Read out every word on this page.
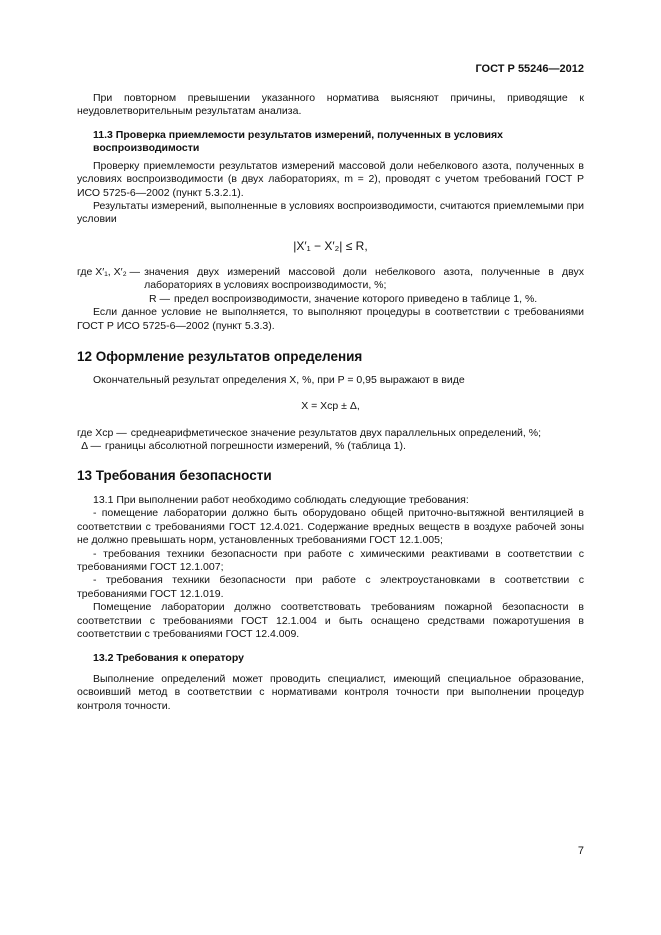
ГОСТ Р 55246—2012

При повторном превышении указанного норматива выясняют причины, приводящие к неудовлетворительным результатам анализа.

11.3 Проверка приемлемости результатов измерений, полученных в условиях

воспроизводимости

Проверку приемлемости результатов измерений массовой доли небелкового азота, полученных в условиях воспроизводимости (в двух лабораториях, m = 2), проводят с учетом требований ГОСТ Р ИСО 5725-6—2002 (пункт 5.3.2.1).

Результаты измерений, выполненные в условиях воспроизводимости, считаются приемлемыми при условии

|X′₁ − X′₂| ≤ R,
где X′₁, X′₂ — значения двух измерений массовой доли небелкового азота, полученные в двух лабораториях в условиях воспроизводимости, %;
R — предел воспроизводимости, значение которого приведено в таблице 1, %.

Если данное условие не выполняется, то выполняют процедуры в соответствии с требованиями ГОСТ Р ИСО 5725-6—2002 (пункт 5.3.3).

12 Оформление результатов определения

Окончательный результат определения X, %, при P = 0,95 выражают в виде

X = Xср ± Δ,
где Xср — среднеарифметическое значение результатов двух параллельных определений, %;
Δ — границы абсолютной погрешности измерений, % (таблица 1).
13 Требования безопасности

13.1 При выполнении работ необходимо соблюдать следующие требования:

- помещение лаборатории должно быть оборудовано общей приточно-вытяжной вентиляцией в соответствии с требованиями ГОСТ 12.4.021. Содержание вредных веществ в воздухе рабочей зоны не должно превышать норм, установленных требованиями ГОСТ 12.1.005;

- требования техники безопасности при работе с химическими реактивами в соответствии с требованиями ГОСТ 12.1.007;

- требования техники безопасности при работе с электроустановками в соответствии с требованиями ГОСТ 12.1.019.

Помещение лаборатории должно соответствовать требованиям пожарной безопасности в соответствии с требованиями ГОСТ 12.1.004 и быть оснащено средствами пожаротушения в соответствии с требованиями ГОСТ 12.4.009.

13.2 Требования к оператору

Выполнение определений может проводить специалист, имеющий специальное образование, освоивший метод в соответствии с нормативами контроля точности при выполнении процедур контроля точности.

7
